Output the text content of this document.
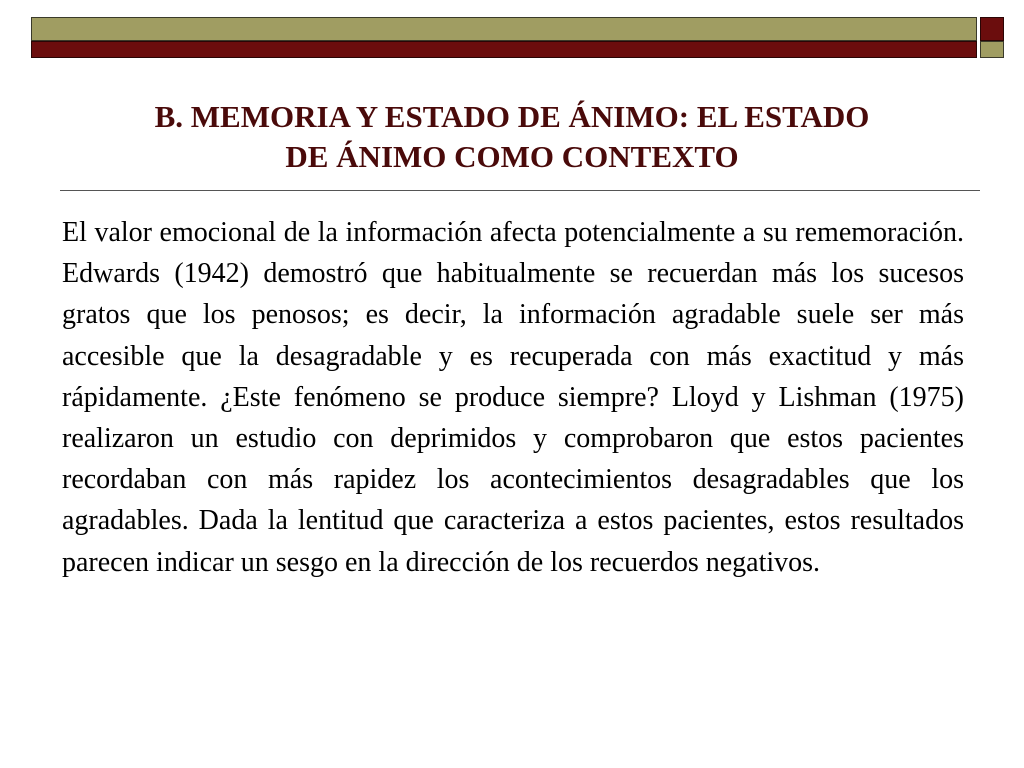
B. MEMORIA Y ESTADO DE ÁNIMO: EL ESTADO
DE ÁNIMO COMO CONTEXTO

El valor emocional de la información afecta potencialmente a su rememoración. Edwards (1942) demostró que habitualmente se recuerdan más los sucesos gratos que los penosos; es decir, la información agradable suele ser más accesible que la desagradable y es recuperada con más exactitud y más rápidamente. ¿Este fenómeno se produce siempre? Lloyd y Lishman (1975) realizaron un estudio con deprimidos y comprobaron que estos pacientes recordaban con más rapidez los acontecimientos desagradables que los agradables. Dada la lentitud que caracteriza a estos pacientes, estos resultados parecen indicar un sesgo en la dirección de los recuerdos negativos.
